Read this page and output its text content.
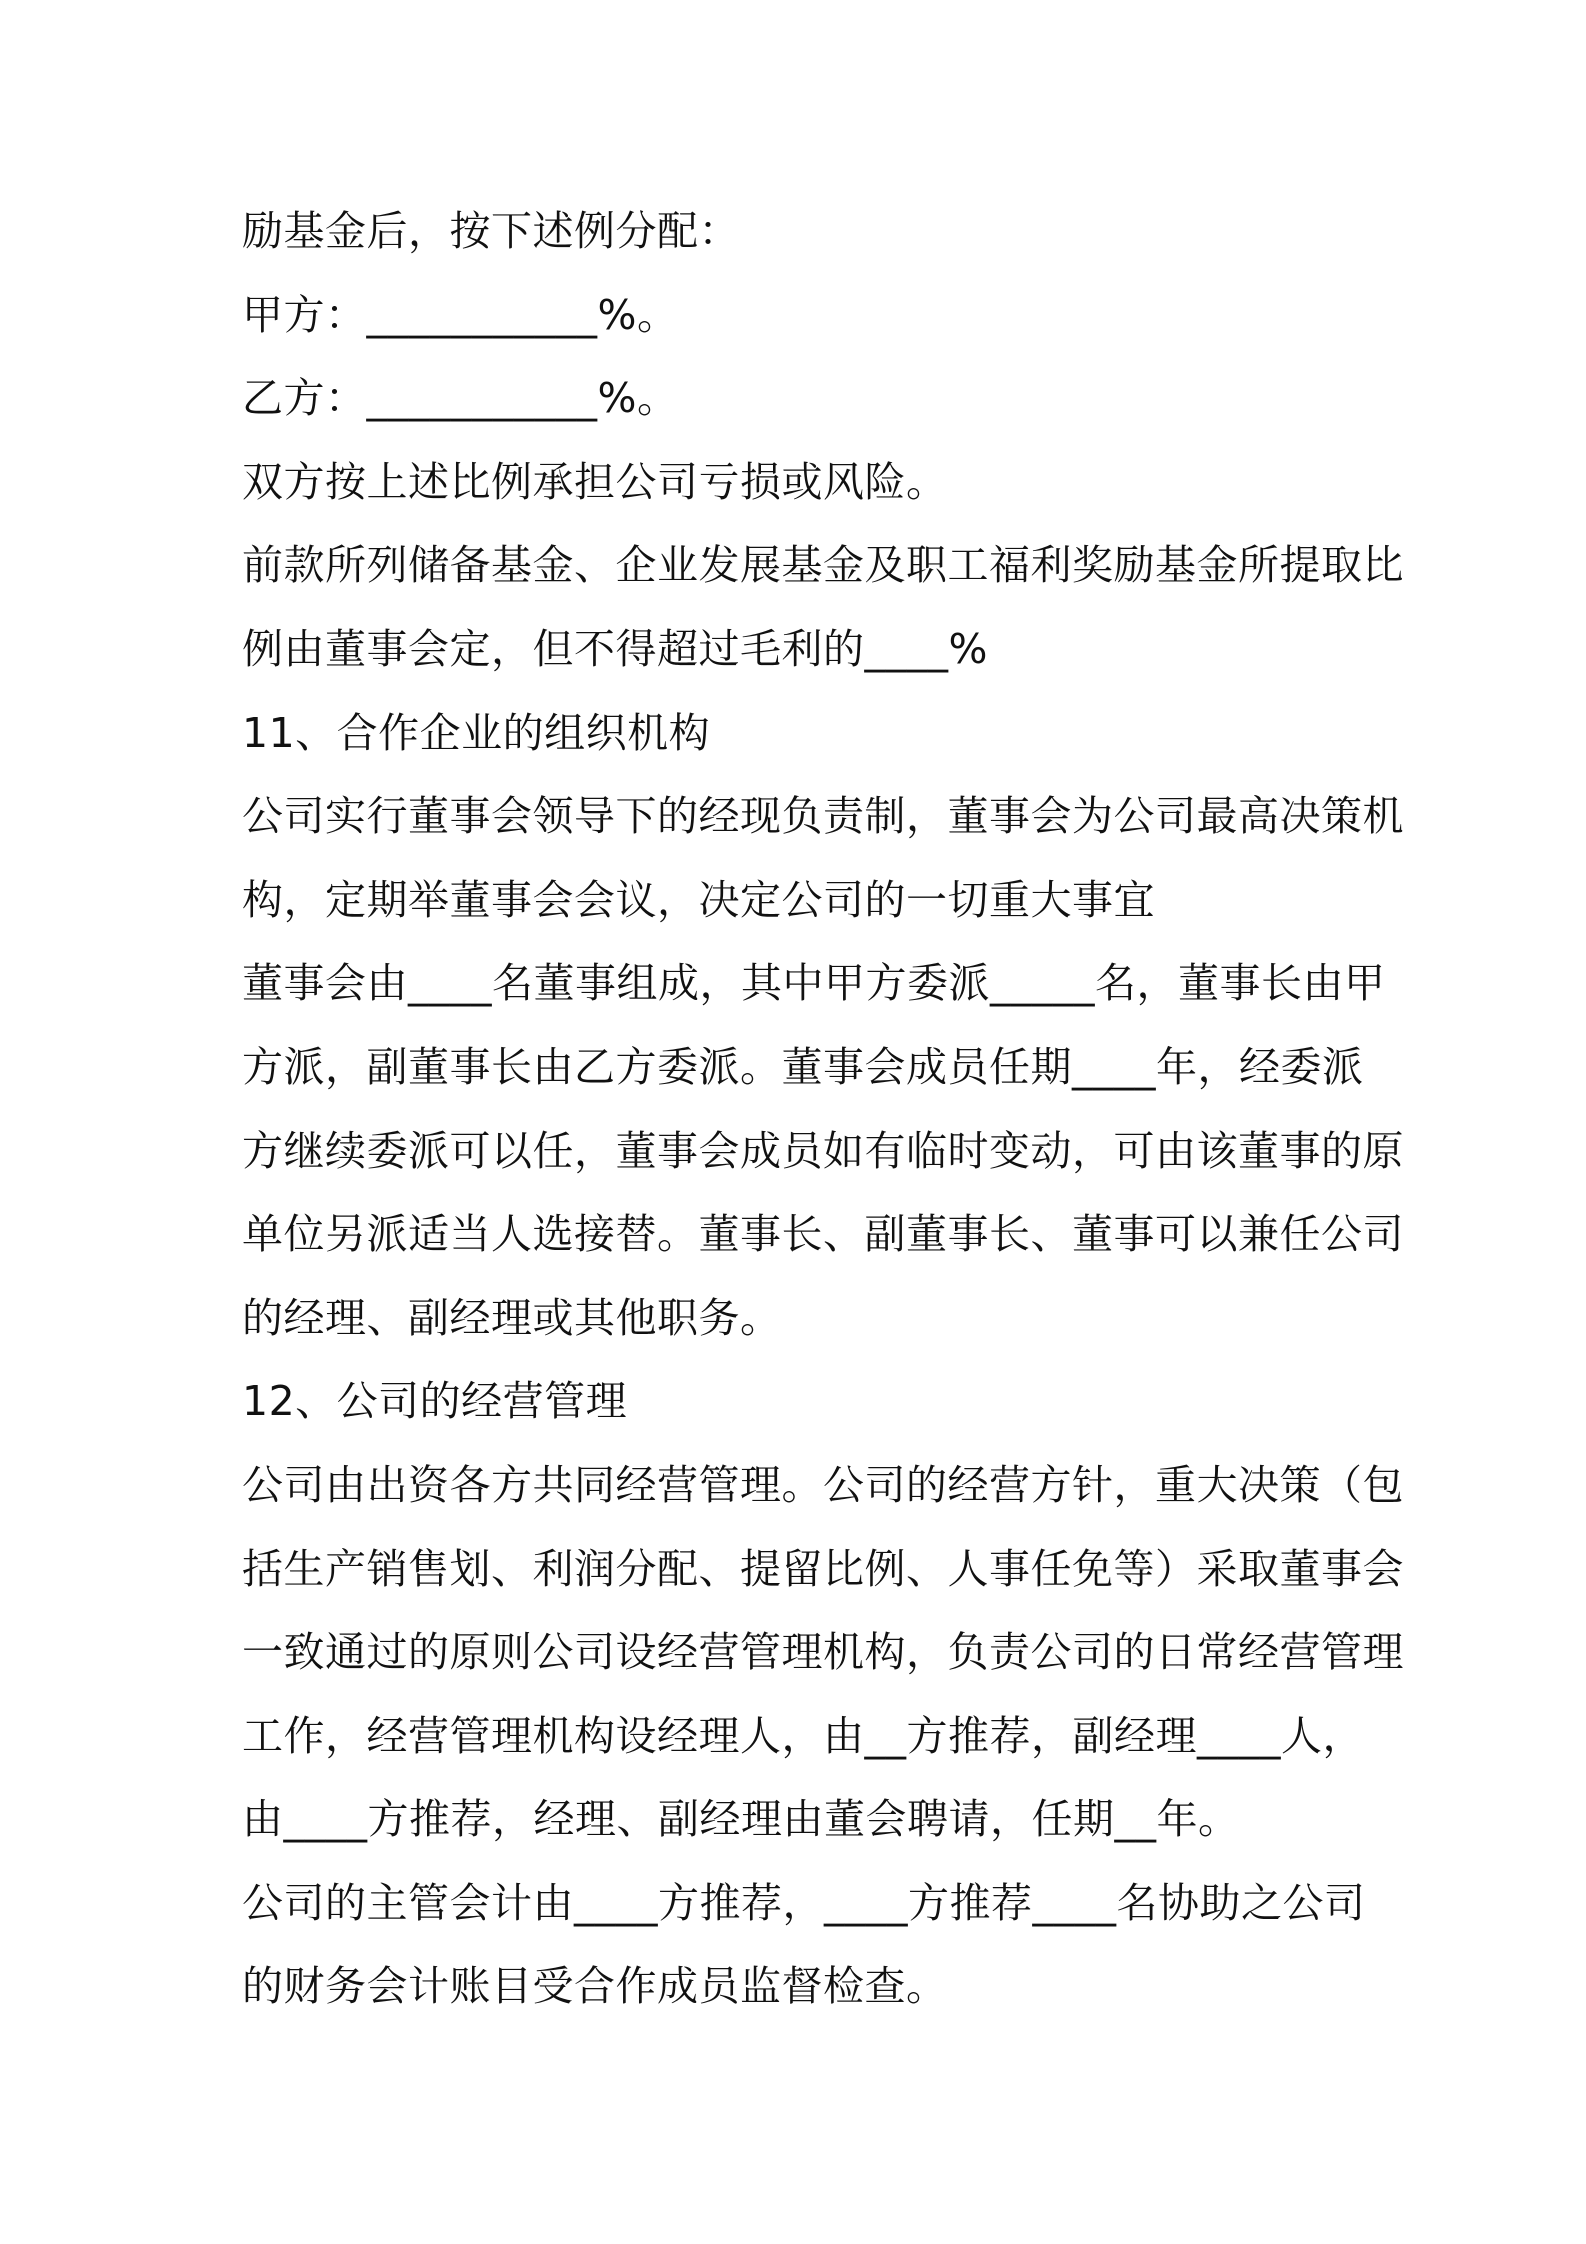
励基金后，按下述例分配：
甲方：___________%。
乙方：___________%。
双方按上述比例承担公司亏损或风险。
前款所列储备基金、企业发展基金及职工福利奖励基金所提取比
例由董事会定，但不得超过毛利的____%
11、合作企业的组织机构
公司实行董事会领导下的经现负责制，董事会为公司最高决策机
构，定期举董事会会议，决定公司的一切重大事宜
董事会由____名董事组成，其中甲方委派_____名，董事长由甲
方派，副董事长由乙方委派。董事会成员任期____年，经委派
方继续委派可以任，董事会成员如有临时变动，可由该董事的原
单位另派适当人选接替。董事长、副董事长、董事可以兼任公司
的经理、副经理或其他职务。
12、公司的经营管理
公司由出资各方共同经营管理。公司的经营方针，重大决策（包
括生产销售划、利润分配、提留比例、人事任免等）采取董事会
一致通过的原则公司设经营管理机构，负责公司的日常经营管理
工作，经营管理机构设经理人，由__方推荐，副经理____人，
由____方推荐，经理、副经理由董会聘请，任期__年。
公司的主管会计由____方推荐，____方推荐____名协助之公司
的财务会计账目受合作成员监督检查。
